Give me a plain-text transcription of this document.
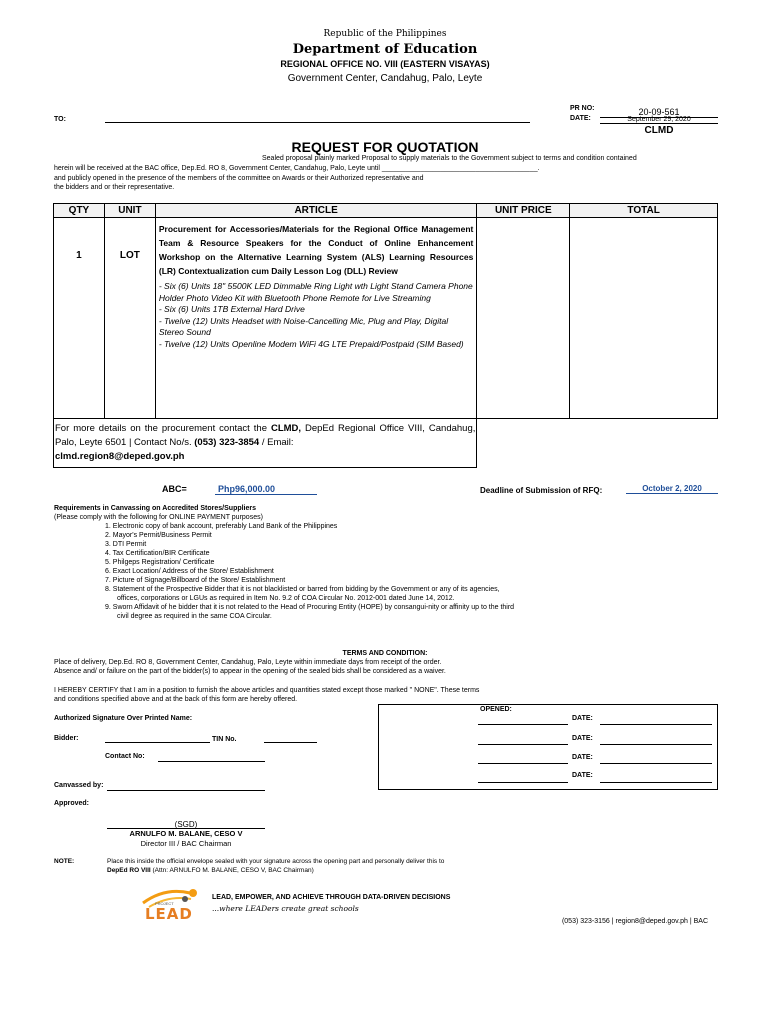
Republic of the Philippines
Department of Education
REGIONAL OFFICE NO. VIII (EASTERN VISAYAS)
Government Center, Candahug, Palo, Leyte
TO:
PR NO:	20-09-561
DATE:	September 29, 2020
CLMD
REQUEST FOR QUOTATION
Sealed proposal plainly marked Proposal to supply materials to the Government subject to terms and condition contained
herein will be received at the BAC office, Dep.Ed. RO 8, Government Center, Candahug, Palo, Leyte until ________________________________________.
and publicly opened in the presence of the members of the committee on Awards or their Authorized representative and
the bidders and or their representative.
QTY	UNIT	ARTICLE	UNIT PRICE	TOTAL
1	LOT	Procurement for Accessories/Materials for the Regional Office Management Team & Resource Speakers for the Conduct of Online Enhancement Workshop on the Alternative Learning System (ALS) Learning Resources (LR) Contextualization cum Daily Lesson Log (DLL) Review
- Six (6) Units 18" 5500K LED Dimmable Ring Light wth Light Stand Camera Phone Holder Photo Video Kit with Bluetooth Phone Remote for Live Streaming
- Six (6) Units 1TB External Hard Drive
- Twelve (12) Units Headset with Noise-Cancelling Mic, Plug and Play, Digital Stereo Sound
- Twelve (12) Units Openline Modem WiFi 4G LTE Prepaid/Postpaid (SIM Based)		

For more details on the procurement contact the CLMD, DepEd Regional Office VIII, Candahug, Palo, Leyte 6501 | Contact No/s. (053) 323-3854 / Email:
clmd.region8@deped.gov.ph				
ABC=	Php96,000.00	Deadline of Submission of RFQ:	October 2, 2020
Requirements in Canvassing on Accredited Stores/Suppliers
(Please comply with the following for ONLINE PAYMENT purposes)
1. Electronic copy of bank account, preferably Land Bank of the Philippines
2. Mayor's Permit/Business Permit
3. DTI Permit
4. Tax Certification/BIR Certificate
5. Philgeps Registration/ Certificate
6. Exact Location/ Address of the Store/ Establishment
7. Picture of Signage/Billboard of the Store/ Establishment
8. Statement of the Prospective Bidder that it is not blacklisted or barred from bidding by the Government or any of its agencies, offices, corporations or LGUs as required in Item No. 9.2 of COA Circular No. 2012-001 dated June 14, 2012.
9. Sworn Affidavit of he bidder that it is not related to the Head of Procuring Entity (HOPE) by consangui-nity or affinity up to the third civil degree as required in the same COA Circular.
TERMS AND CONDITION:
Place of delivery, Dep.Ed. RO 8, Government Center, Candahug, Palo, Leyte within immediate days from receipt of the order.
Absence and/ or failure on the part of the bidder(s) to appear in the opening of the sealed bids shall be considered as a waiver.
I HEREBY CERTIFY that I am in a position to furnish the above articles and quantities stated except those marked " NONE". These terms
and conditions specified above and at the back of this form are hereby offered.
Authorized Signature Over Printed Name:
Bidder:	TIN No.
Contact No:
Canvassed by:
Approved:
(SGD)
ARNULFO M. BALANE, CESO V
Director III / BAC Chairman
OPENED:
DATE:
DATE:
DATE:
DATE:
NOTE:	Place this inside the official envelope sealed with your signature across the opening part and personally deliver this to
DepEd RO VIII (Attn: ARNULFO M. BALANE, CESO V, BAC Chairman)
PROJECT
LEAD
LEAD, EMPOWER, AND ACHIEVE THROUGH DATA-DRIVEN DECISIONS
...where LEADers create great schools
(053) 323-3156 | region8@deped.gov.ph | BAC
